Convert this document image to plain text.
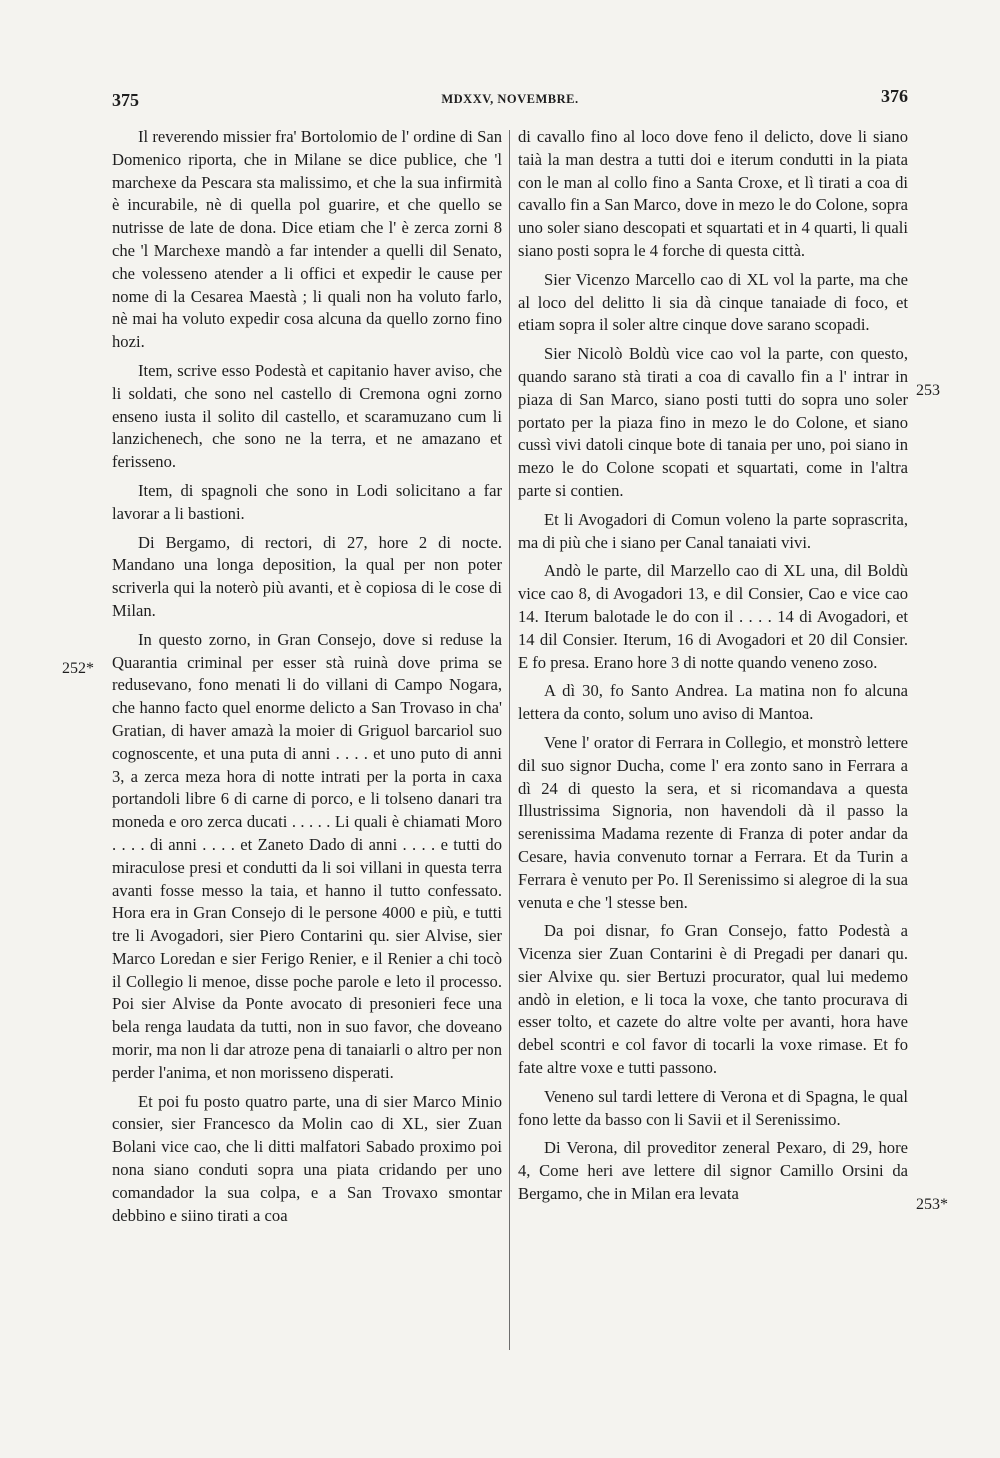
375	MDXXV, NOVEMBRE.	376

Il reverendo missier fra' Bortolomio de l' ordine di San Domenico riporta, che in Milane se dice publice, che 'l marchexe da Pescara sta malissimo, et che la sua infirmità è incurabile, nè di quella pol guarire, et che quello se nutrisse de late de dona. Dice etiam che l' è zerca zorni 8 che 'l Marchexe mandò a far intender a quelli dil Senato, che volesseno atender a li offici et expedir le cause per nome di la Cesarea Maestà ; li quali non ha voluto farlo, nè mai ha voluto expedir cosa alcuna da quello zorno fino hozi.

Item, scrive esso Podestà et capitanio haver aviso, che li soldati, che sono nel castello di Cremona ogni zorno enseno iusta il solito dil castello, et scaramuzano cum li lanzichenech, che sono ne la terra, et ne amazano et ferisseno.

Item, di spagnoli che sono in Lodi solicitano a far lavorar a li bastioni.

Di Bergamo, di rectori, di 27, hore 2 di nocte. Mandano una longa deposition, la qual per non poter scriverla qui la noterò più avanti, et è copiosa di le cose di Milan.

In questo zorno, in Gran Consejo, dove si reduse la Quarantia criminal per esser stà ruinà dove prima se redusevano, fono menati li do villani di Campo Nogara, che hanno facto quel enorme delicto a San Trovaso in cha' Gratian, di haver amazà la moier di Griguol barcariol suo cognoscente, et una puta di anni . . . . et uno puto di anni 3, a zerca meza hora di notte intrati per la porta in caxa portandoli libre 6 di carne di porco, e li tolseno danari tra moneda e oro zerca ducati . . . . . Li quali è chiamati Moro . . . . di anni . . . . et Zaneto Dado di anni . . . . e tutti do miraculose presi et condutti da li soi villani in questa terra avanti fosse messo la taia, et hanno il tutto confessato. Hora era in Gran Consejo di le persone 4000 e più, e tutti tre li Avogadori, sier Piero Contarini qu. sier Alvise, sier Marco Loredan e sier Ferigo Renier, e il Renier a chi tocò il Collegio li menoe, disse poche parole e leto il processo. Poi sier Alvise da Ponte avocato di presonieri fece una bela renga laudata da tutti, non in suo favor, che doveano morir, ma non li dar atroze pena di tanaiarli o altro per non perder l'anima, et non morisseno disperati.

Et poi fu posto quatro parte, una di sier Marco Minio consier, sier Francesco da Molin cao di XL, sier Zuan Bolani vice cao, che li ditti malfatori Sabado proximo poi nona siano conduti sopra una piata cridando per uno comandador la sua colpa, e a San Trovaxo smontar debbino e siino tirati a coa

di cavallo fino al loco dove feno il delicto, dove li siano taià la man destra a tutti doi e iterum condutti in la piata con le man al collo fino a Santa Croxe, et lì tirati a coa di cavallo fin a San Marco, dove in mezo le do Colone, sopra uno soler siano descopati et squartati et in 4 quarti, li quali siano posti sopra le 4 forche di questa città.

Sier Vicenzo Marcello cao di XL vol la parte, ma che al loco del delitto li sia dà cinque tanaiade di foco, et etiam sopra il soler altre cinque dove sarano scopadi.

Sier Nicolò Boldù vice cao vol la parte, con questo, quando sarano stà tirati a coa di cavallo fin a l' intrar in piaza di San Marco, siano posti tutti do sopra uno soler portato per la piaza fino in mezo le do Colone, et siano cussì vivi datoli cinque bote di tanaia per uno, poi siano in mezo le do Colone scopati et squartati, come in l'altra parte si contien.

Et li Avogadori di Comun voleno la parte soprascrita, ma di più che i siano per Canal tanaiati vivi.

Andò le parte, dil Marzello cao di XL una, dil Boldù vice cao 8, di Avogadori 13, e dil Consier, Cao e vice cao 14. Iterum balotade le do con il . . . . 14 di Avogadori, et 14 dil Consier. Iterum, 16 di Avogadori et 20 dil Consier. E fo presa. Erano hore 3 di notte quando veneno zoso.

A dì 30, fo Santo Andrea. La matina non fo alcuna lettera da conto, solum uno aviso di Mantoa.

Vene l' orator di Ferrara in Collegio, et monstrò lettere dil suo signor Ducha, come l' era zonto sano in Ferrara a dì 24 di questo la sera, et si ricomandava a questa Illustrissima Signoria, non havendoli dà il passo la serenissima Madama rezente di Franza di poter andar da Cesare, havia convenuto tornar a Ferrara. Et da Turin a Ferrara è venuto per Po. Il Serenissimo si alegroe di la sua venuta e che 'l stesse ben.

Da poi disnar, fo Gran Consejo, fatto Podestà a Vicenza sier Zuan Contarini è di Pregadi per danari qu. sier Alvixe qu. sier Bertuzi procurator, qual lui medemo andò in eletion, e li toca la voxe, che tanto procurava di esser tolto, et cazete do altre volte per avanti, hora have debel scontri e col favor di tocarli la voxe rimase. Et fo fate altre voxe e tutti passono.

Veneno sul tardi lettere di Verona et di Spagna, le qual fono lette da basso con li Savii et il Serenissimo.

Di Verona, dil proveditor zeneral Pexaro, di 29, hore 4, Come heri ave lettere dil signor Camillo Orsini da Bergamo, che in Milan era levata

252*
253
253*
